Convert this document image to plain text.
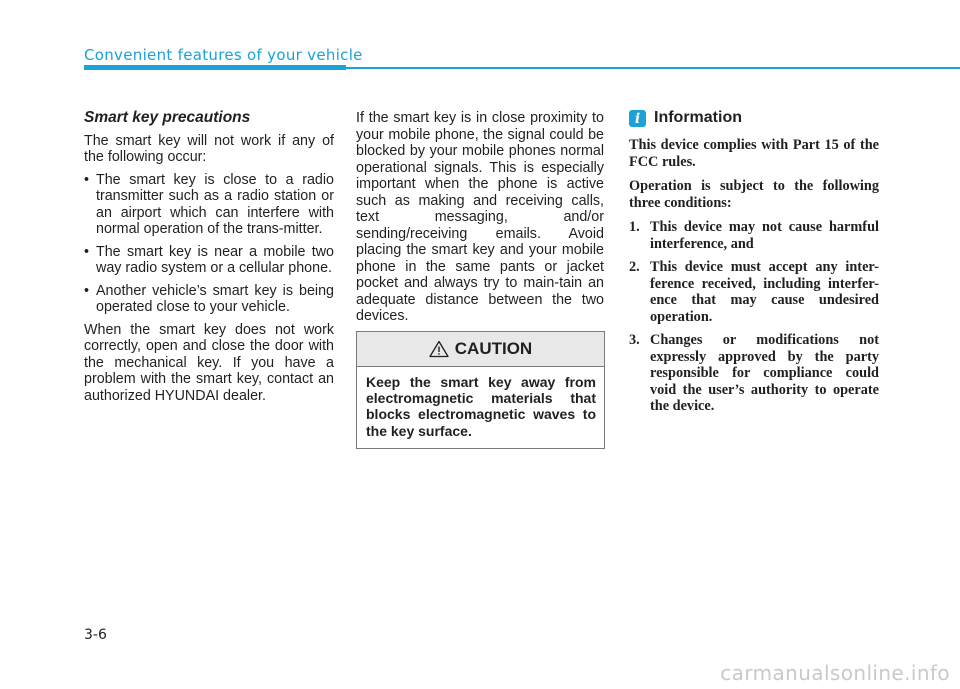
Convenient features of your vehicle
Smart key precautions

The smart key will not work if any of the following occur:

• The smart key is close to a radio transmitter such as a radio station or an airport which can interfere with normal operation of the trans-mitter.
• The smart key is near a mobile two way radio system or a cellular phone.
• Another vehicle’s smart key is being operated close to your vehicle.

When the smart key does not work correctly, open and close the door with the mechanical key. If you have a problem with the smart key, contact an authorized HYUNDAI dealer.

If the smart key is in close proximity to your mobile phone, the signal could be blocked by your mobile phones normal operational signals. This is especially important when the phone is active such as making and receiving calls, text messaging, and/or sending/receiving emails. Avoid placing the smart key and your mobile phone in the same pants or jacket pocket and always try to main-tain an adequate distance between the two devices.

CAUTION
Keep the smart key away from electromagnetic materials that blocks electromagnetic waves to the key surface.
i Information

This device complies with Part 15 of the FCC rules.

Operation is subject to the following three conditions:

1. This device may not cause harmful interference, and
2. This device must accept any inter-ference received, including interfer-ence that may cause undesired operation.
3. Changes or modifications not expressly approved by the party responsible for compliance could void the user’s authority to operate the device.
3-6
carmanualsonline.info
